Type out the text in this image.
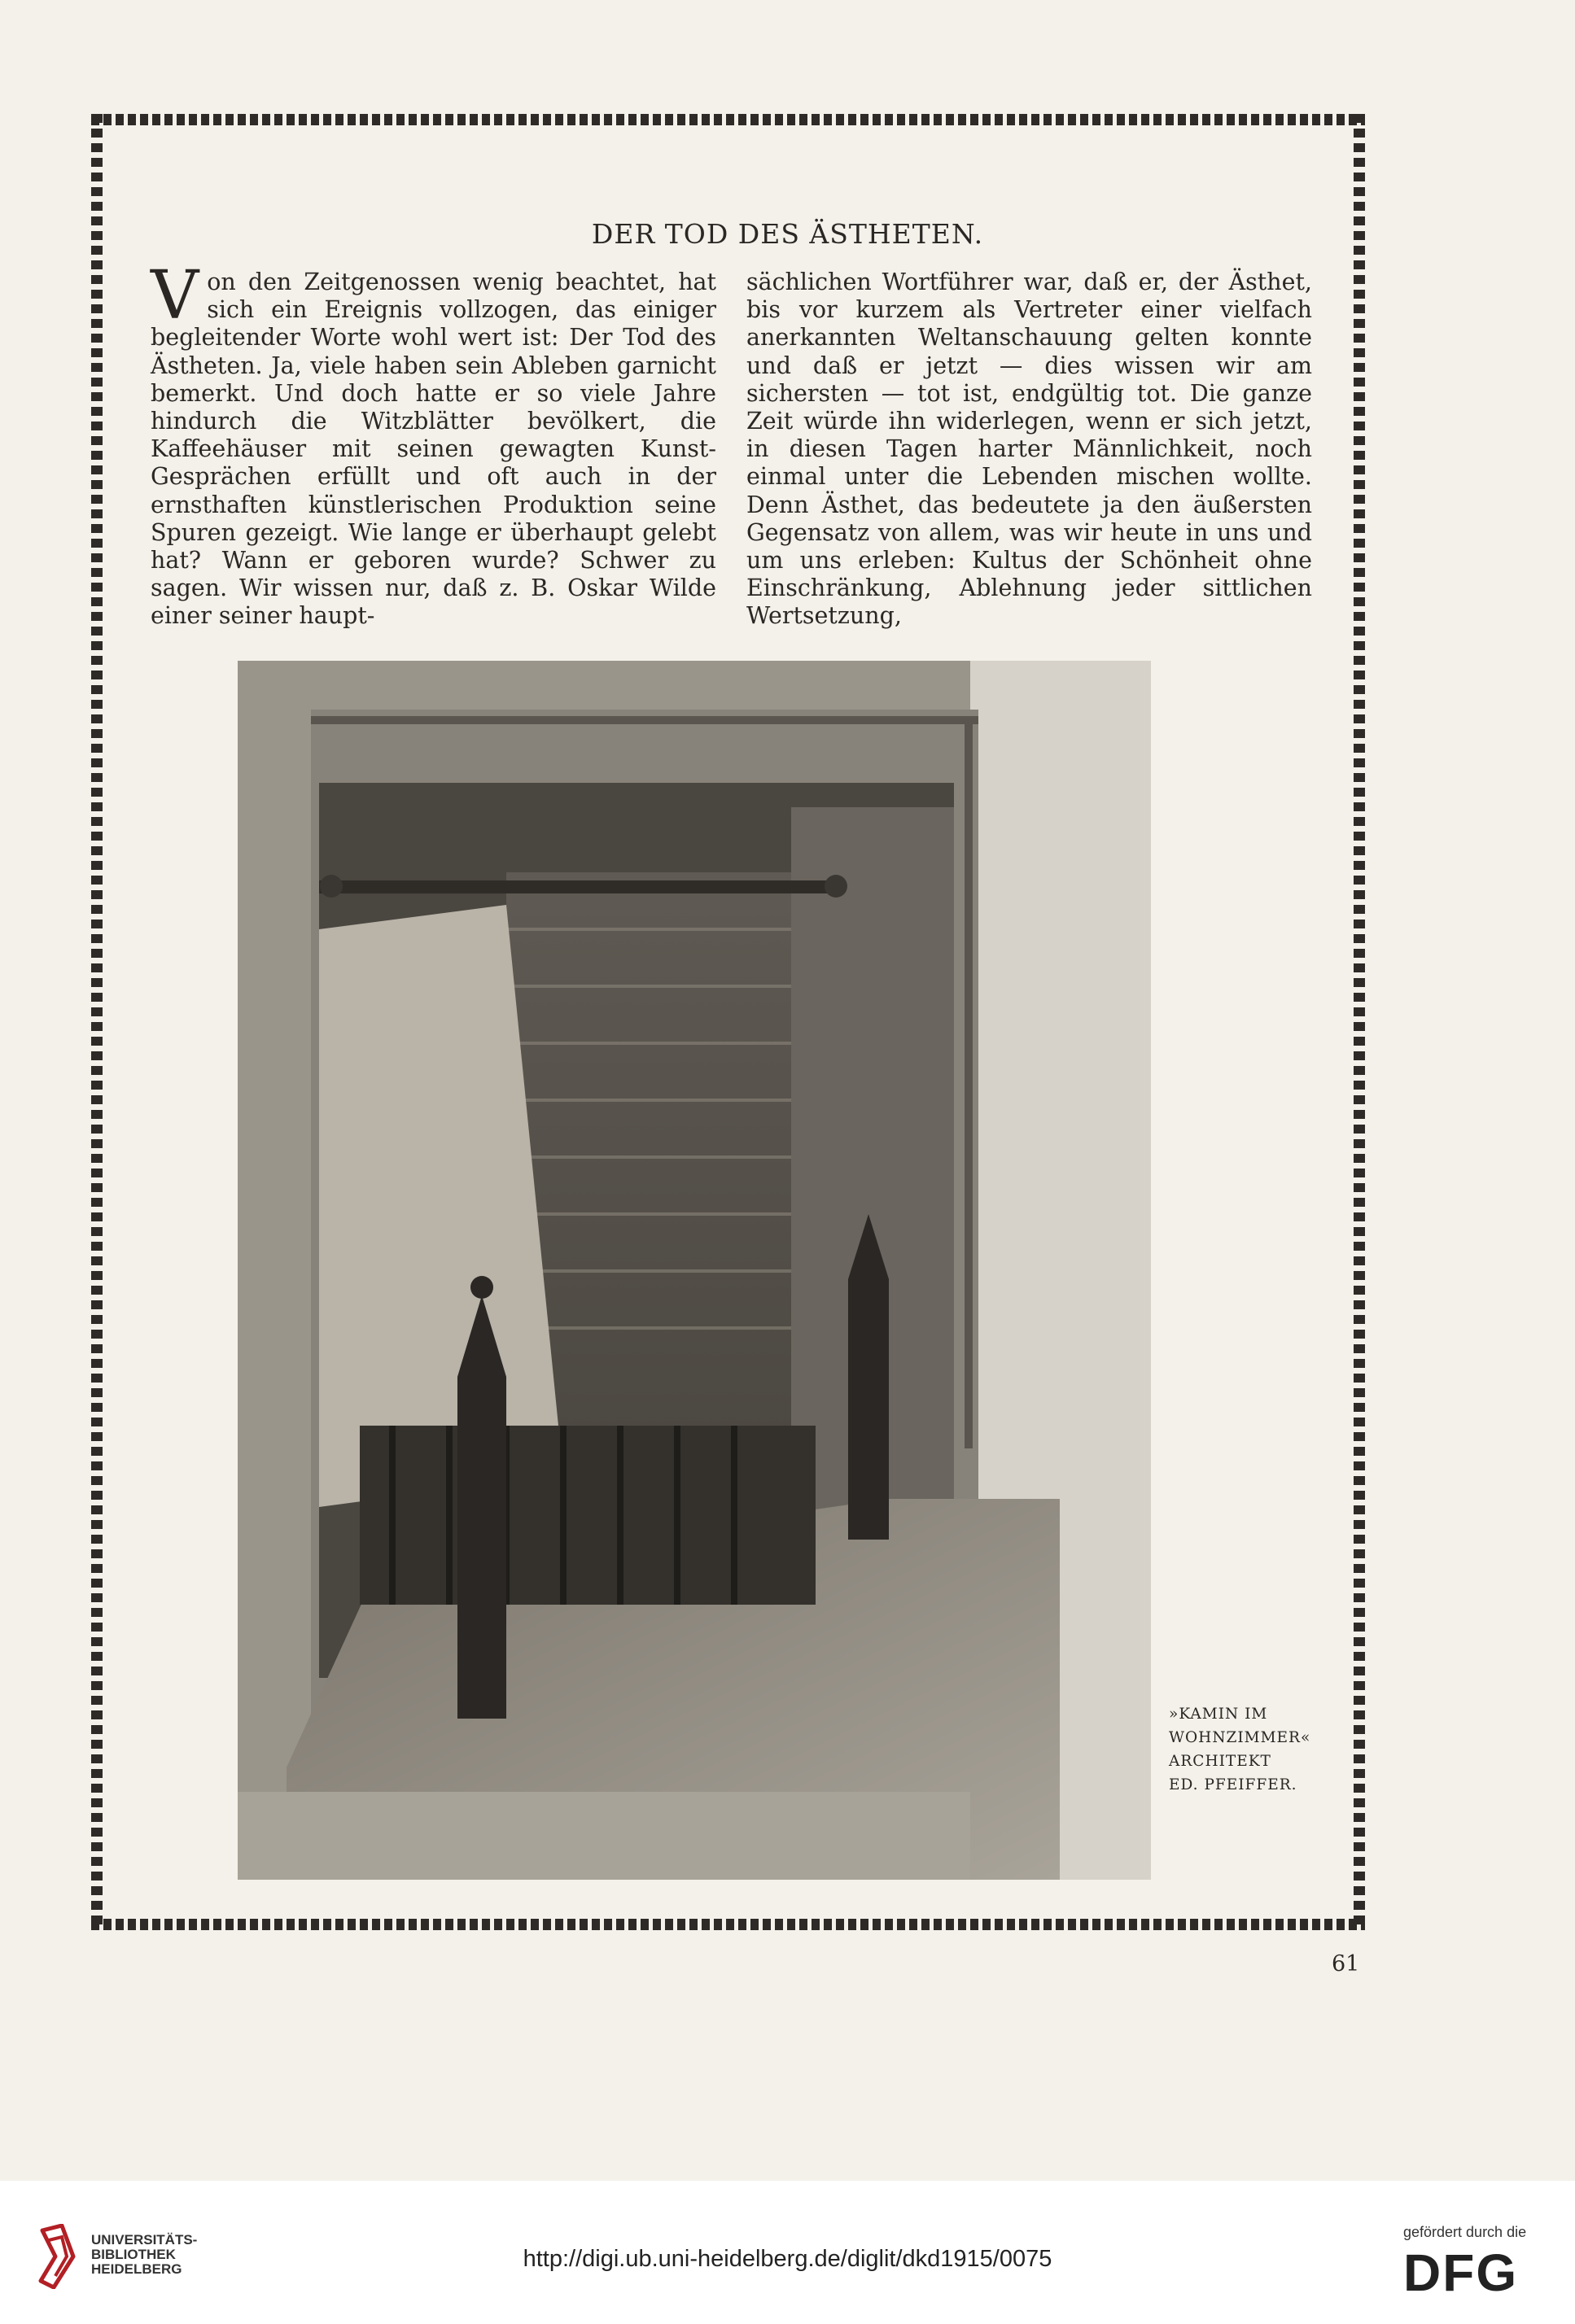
DER TOD DES ÄSTHETEN.

Von den Zeitgenossen wenig beachtet, hat sich ein Ereignis vollzogen, das einiger begleitender Worte wohl wert ist: Der Tod des Ästheten. Ja, viele haben sein Ableben garnicht bemerkt. Und doch hatte er so viele Jahre hindurch die Witzblätter bevölkert, die Kaffeehäuser mit seinen gewagten Kunst-Gesprächen erfüllt und oft auch in der ernsthaften künstlerischen Produktion seine Spuren gezeigt. Wie lange er überhaupt gelebt hat? Wann er geboren wurde? Schwer zu sagen. Wir wissen nur, daß z. B. Oskar Wilde einer seiner haupt-

sächlichen Wortführer war, daß er, der Ästhet, bis vor kurzem als Vertreter einer vielfach anerkannten Weltanschauung gelten konnte und daß er jetzt — dies wissen wir am sichersten — tot ist, endgültig tot. Die ganze Zeit würde ihn widerlegen, wenn er sich jetzt, in diesen Tagen harter Männlichkeit, noch einmal unter die Lebenden mischen wollte. Denn Ästhet, das bedeutete ja den äußersten Gegensatz von allem, was wir heute in uns und um uns erleben: Kultus der Schönheit ohne Einschränkung, Ablehnung jeder sittlichen Wertsetzung,

»KAMIN IM
WOHNZIMMER«
ARCHITEKT
ED. PFEIFFER.
61
UNIVERSITÄTS-
BIBLIOTHEK
HEIDELBERG	http://digi.ub.uni-heidelberg.de/diglit/dkd1915/0075
gefördert durch die
DFG
